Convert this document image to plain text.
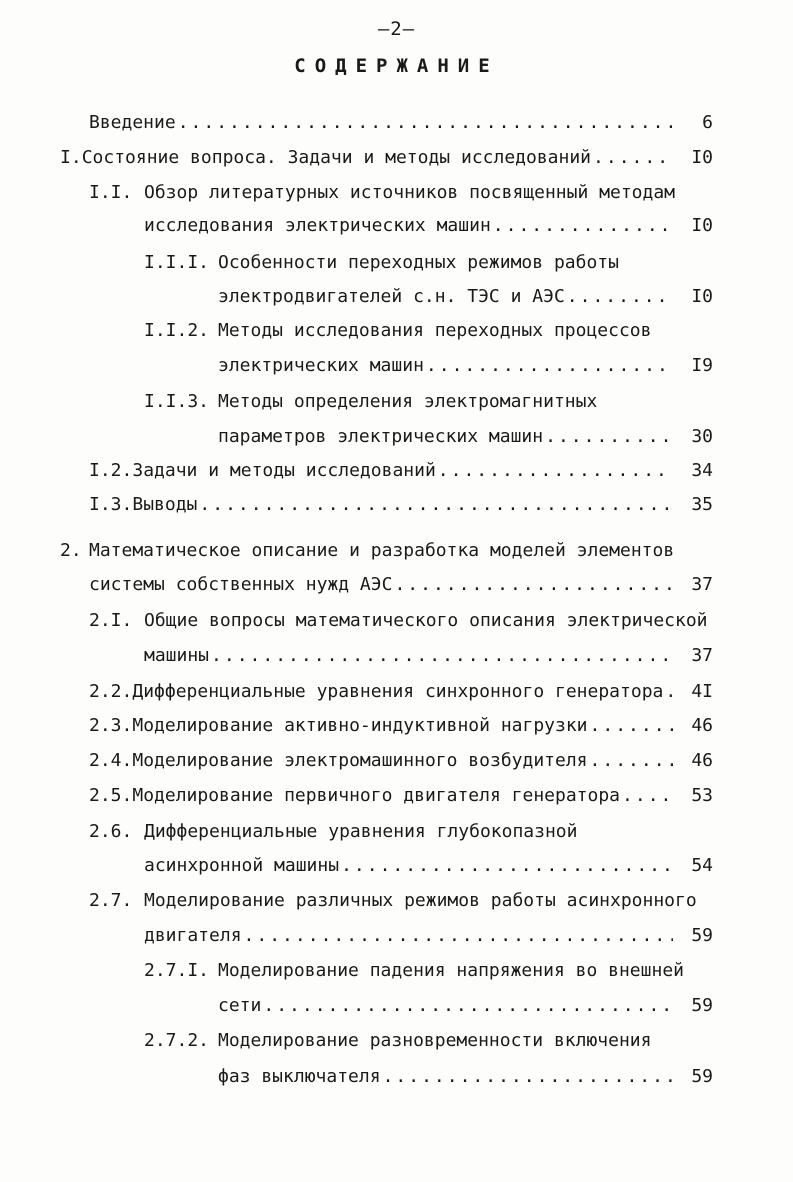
–2–
СОДЕРЖАНИЕ
Введение .....	6
I. Состояние вопроса. Задачи и методы исследований .....	I0
I.I. Обзор литературных источников посвященный методам
исследования электрических машин .....	I0
I.I.I. Особенности переходных режимов работы
электродвигателей с.н. ТЭС и АЭС .....	I0
I.I.2. Методы исследования переходных процессов
электрических машин .....	I9
I.I.3. Методы определения электромагнитных
параметров электрических машин .....	30
I.2. Задачи и методы исследований .....	34
I.3. Выводы .....	35
2. Математическое описание и разработка моделей элементов
системы собственных нужд АЭС .....	37
2.I. Общие вопросы математического описания электрической
машины .....	37
2.2. Дифференциальные уравнения синхронного генератора .....	4I
2.3. Моделирование активно-индуктивной нагрузки .....	46
2.4. Моделирование электромашинного возбудителя .....	46
2.5. Моделирование первичного двигателя генератора .....	53
2.6. Дифференциальные уравнения глубокопазной
асинхронной машины .....	54
2.7. Моделирование различных режимов работы асинхронного
двигателя .....	59
2.7.I. Моделирование падения напряжения во внешней
сети .....	59
2.7.2. Моделирование разновременности включения
фаз выключателя .....	59
